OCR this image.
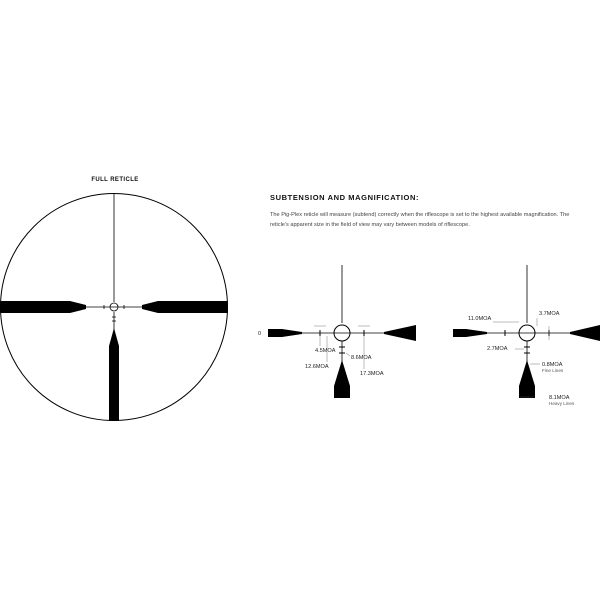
FULL RETICLE
SUBTENSION AND MAGNIFICATION:
The Pig-Plex reticle will measure (subtend) correctly when the riflescope is set to the highest available magnification. The reticle's apparent size in the field of view may vary between models of riflescope.
0
4.5MOA
8.6MOA
12.6MOA
17.3MOA
11.0MOA
3.7MOA
2.7MOA
0.8MOA
Fine Lines
8.1MOA
Heavy Lines
